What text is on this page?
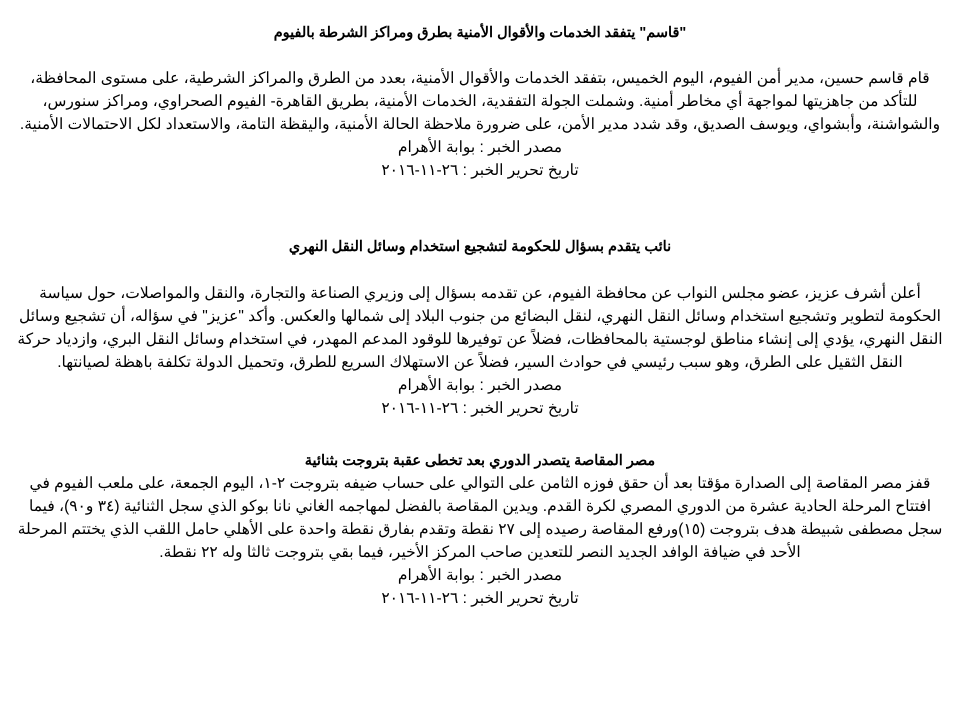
"قاسم" يتفقد الخدمات والأقوال الأمنية بطرق ومراكز الشرطة بالفيوم

قام قاسم حسين، مدير أمن الفيوم، اليوم الخميس، بتفقد الخدمات والأقوال الأمنية، بعدد من الطرق والمراكز الشرطية، على مستوى المحافظة، للتأكد من جاهزيتها لمواجهة أي مخاطر أمنية. وشملت الجولة التفقدية، الخدمات الأمنية، بطريق القاهرة- الفيوم الصحراوي، ومراكز سنورس، والشواشنة، وأبشواي، ويوسف الصديق، وقد شدد مدير الأمن، على ضرورة ملاحظة الحالة الأمنية، واليقظة التامة، والاستعداد لكل الاحتمالات الأمنية.

مصدر الخبر : بوابة الأهرام

تاريخ تحرير الخبر : ٢٦-١١-٢٠١٦

نائب يتقدم بسؤال للحكومة لتشجيع استخدام وسائل النقل النهري

أعلن أشرف عزيز، عضو مجلس النواب عن محافظة الفيوم، عن تقدمه بسؤال إلى وزيري الصناعة والتجارة، والنقل والمواصلات، حول سياسة الحكومة لتطوير وتشجيع استخدام وسائل النقل النهري، لنقل البضائع من جنوب البلاد إلى شمالها والعكس. وأكد "عزيز" في سؤاله، أن تشجيع وسائل النقل النهري، يؤدي إلى إنشاء مناطق لوجستية بالمحافظات، فضلاً عن توفيرها للوقود المدعم المهدر، في استخدام وسائل النقل البري، وازدياد حركة النقل الثقيل على الطرق، وهو سبب رئيسي في حوادث السير، فضلاً عن الاستهلاك السريع للطرق، وتحميل الدولة تكلفة باهظة لصيانتها.

مصدر الخبر : بوابة الأهرام

تاريخ تحرير الخبر : ٢٦-١١-٢٠١٦

مصر المقاصة يتصدر الدوري بعد تخطى عقبة بتروجت بثنائية

قفز مصر المقاصة إلى الصدارة مؤقتا بعد أن حقق فوزه الثامن على التوالي على حساب ضيفه بتروجت ٢-١، اليوم الجمعة، على ملعب الفيوم في افتتاح المرحلة الحادية عشرة من الدوري المصري لكرة القدم. ويدين المقاصة بالفضل لمهاجمه الغاني نانا بوكو الذي سجل الثنائية (٣٤ و٩٠)، فيما سجل مصطفى شبيطة هدف بتروجت (١٥)ورفع المقاصة رصيده إلى ٢٧ نقطة وتقدم بفارق نقطة واحدة على الأهلي حامل اللقب الذي يختتم المرحلة الأحد في ضيافة الوافد الجديد النصر للتعدين صاحب المركز الأخير، فيما بقي بتروجت ثالثا وله ٢٢ نقطة.

مصدر الخبر : بوابة الأهرام

تاريخ تحرير الخبر : ٢٦-١١-٢٠١٦
